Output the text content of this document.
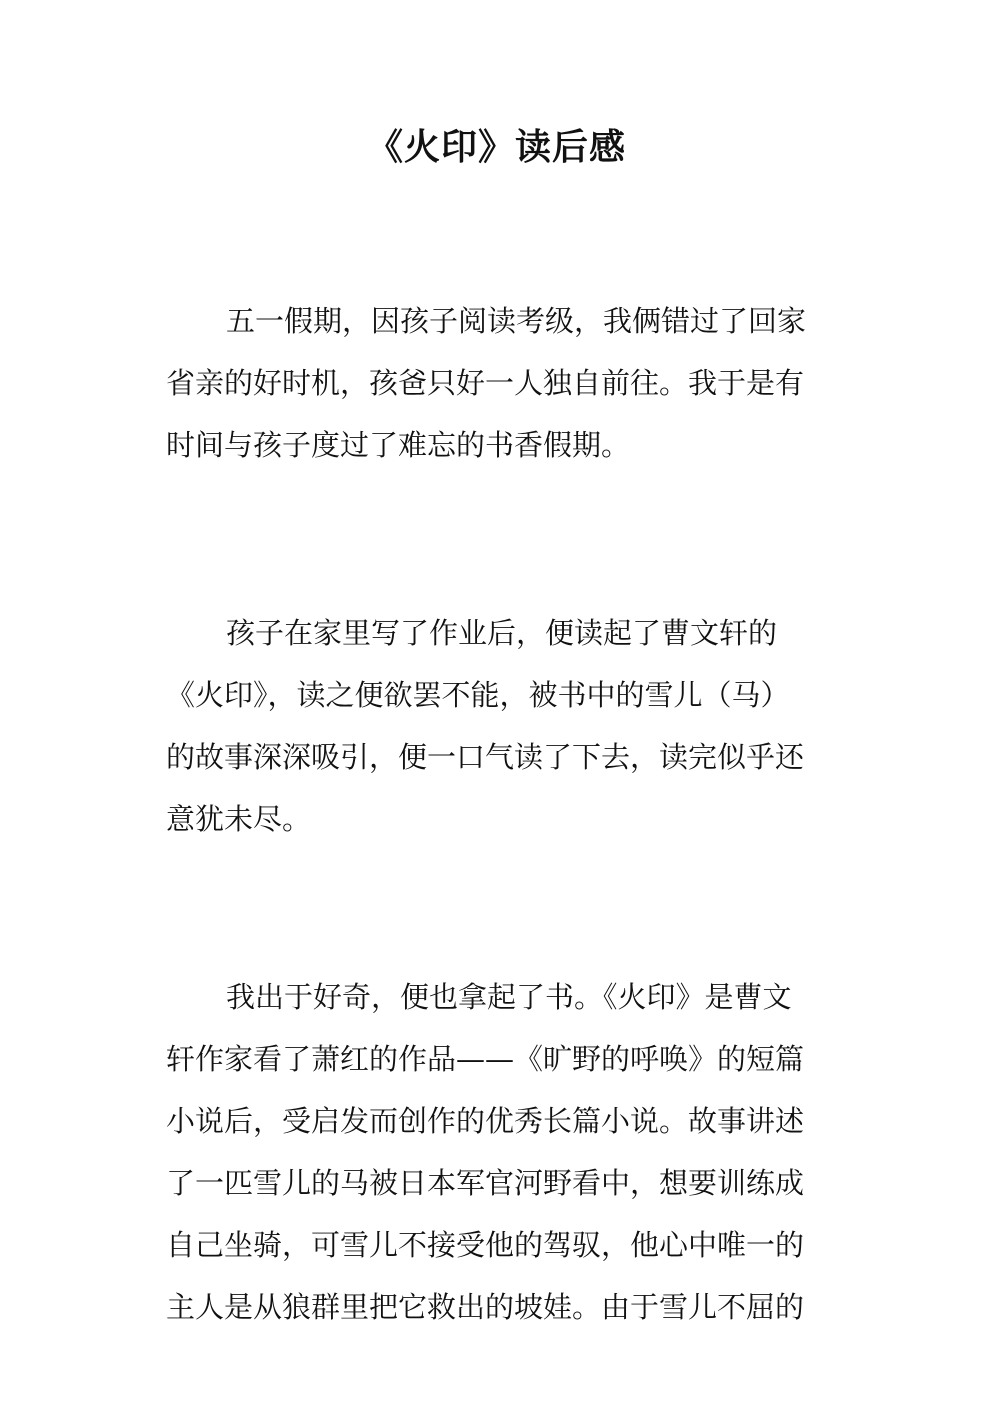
《火印》读后感
五一假期，因孩子阅读考级，我俩错过了回家
省亲的好时机，孩爸只好一人独自前往。我于是有
时间与孩子度过了难忘的书香假期。
孩子在家里写了作业后，便读起了曹文轩的
《火印》，读之便欲罢不能，被书中的雪儿（马）
的故事深深吸引，便一口气读了下去，读完似乎还
意犹未尽。
我出于好奇，便也拿起了书。《火印》是曹文
轩作家看了萧红的作品——《旷野的呼唤》的短篇
小说后，受启发而创作的优秀长篇小说。故事讲述
了一匹雪儿的马被日本军官河野看中，想要训练成
自己坐骑，可雪儿不接受他的驾驭，他心中唯一的
主人是从狼群里把它救出的坡娃。由于雪儿不屈的
